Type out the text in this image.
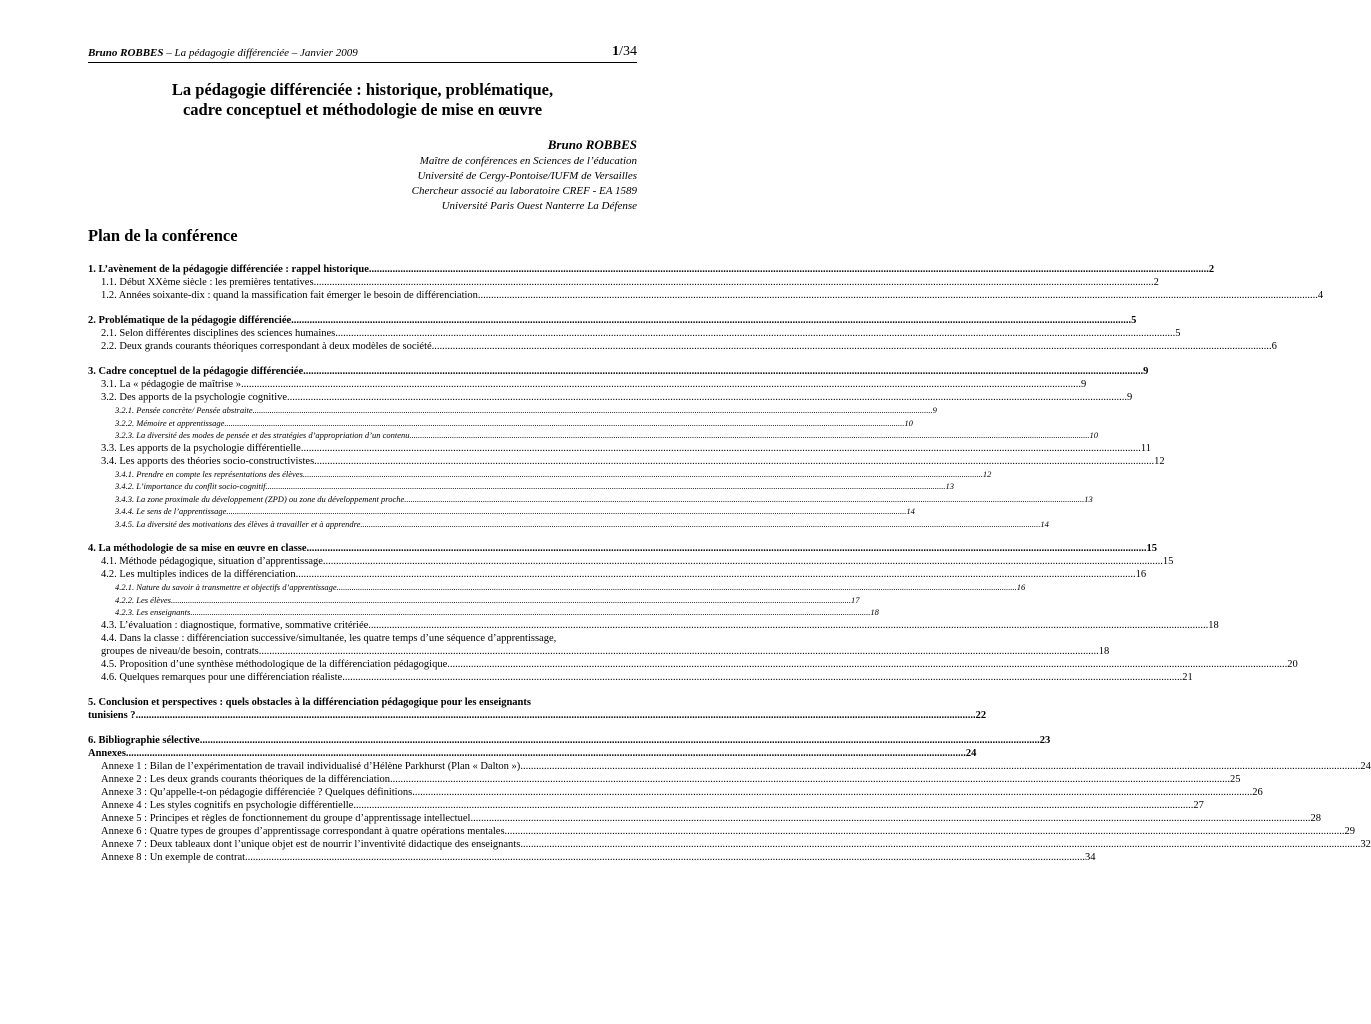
Bruno ROBBES – La pédagogie différenciée – Janvier 2009	1/34
La pédagogie différenciée : historique, problématique,
cadre conceptuel et méthodologie de mise en œuvre
Bruno ROBBES
Maître de conférences en Sciences de l’éducation
Université de Cergy-Pontoise/IUFM de Versailles
Chercheur associé au laboratoire CREF - EA 1589
Université Paris Ouest Nanterre La Défense
Plan de la conférence
1. L’avènement de la pédagogie différenciée : rappel historique .....	2
1.1. Début XXème siècle : les premières tentatives .....	2
1.2. Années soixante-dix : quand la massification fait émerger le besoin de différenciation .....	4
2. Problématique de la pédagogie différenciée .....	5
2.1. Selon différentes disciplines des sciences humaines .....	5
2.2. Deux grands courants théoriques correspondant à deux modèles de société .....	6
3. Cadre conceptuel de la pédagogie différenciée .....	9
3.1. La « pédagogie de maîtrise » .....	9
3.2. Des apports de la psychologie cognitive .....	9
3.2.1. Pensée concrète/ Pensée abstraite .....	9
3.2.2. Mémoire et apprentissage .....	10
3.2.3. La diversité des modes de pensée et des stratégies d’appropriation d’un contenu .....	10
3.3. Les apports de la psychologie différentielle .....	11
3.4. Les apports des théories socio-constructivistes .....	12
3.4.1. Prendre en compte les représentations des élèves .....	12
3.4.2. L’importance du conflit socio-cognitif .....	13
3.4.3. La zone proximale du développement (ZPD) ou zone du développement proche .....	13
3.4.4. Le sens de l’apprentissage .....	14
3.4.5. La diversité des motivations des élèves à travailler et à apprendre .....	14
4. La méthodologie de sa mise en œuvre en classe .....	15
4.1. Méthode pédagogique, situation d’apprentissage .....	15
4.2. Les multiples indices de la différenciation .....	16
4.2.1. Nature du savoir à transmettre et objectifs d’apprentissage .....	16
4.2.2. Les élèves .....	17
4.2.3. Les enseignants .....	18
4.3. L’évaluation : diagnostique, formative, sommative critériée .....	18
4.4. Dans la classe : différenciation successive/simultanée, les quatre temps d’une séquence d’apprentissage,
groupes de niveau/de besoin, contrats .....	18
4.5. Proposition d’une synthèse méthodologique de la différenciation pédagogique .....	20
4.6. Quelques remarques pour une différenciation réaliste .....	21
5. Conclusion et perspectives : quels obstacles à la différenciation pédagogique pour les enseignants
tunisiens ? .....	22
6. Bibliographie sélective .....	23
Annexes .....	24
Annexe 1 : Bilan de l’expérimentation de travail individualisé d’Hélène Parkhurst (Plan « Dalton ») .....	24
Annexe 2 : Les deux grands courants théoriques de la différenciation .....	25
Annexe 3 : Qu’appelle-t-on pédagogie différenciée ? Quelques définitions .....	26
Annexe 4 : Les styles cognitifs en psychologie différentielle .....	27
Annexe 5 : Principes et règles de fonctionnement du groupe d’apprentissage intellectuel .....	28
Annexe 6 : Quatre types de groupes d’apprentissage correspondant à quatre opérations mentales .....	29
Annexe 7 : Deux tableaux dont l’unique objet est de nourrir l’inventivité didactique des enseignants .....	32
Annexe 8 : Un exemple de contrat .....	34
